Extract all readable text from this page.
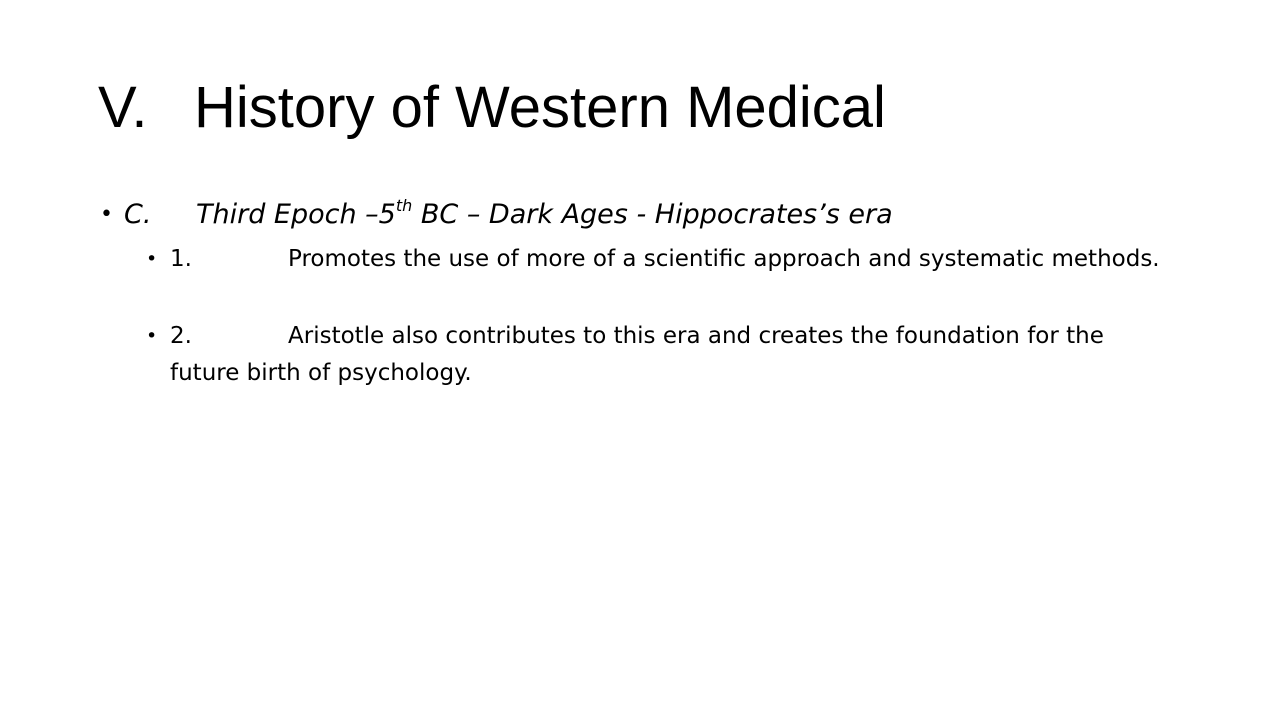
V. History of Western Medical
• C. Third Epoch –5th BC – Dark Ages - Hippocrates’s era
• 1.	Promotes the use of more of a scientific approach and systematic methods.
• 2.	Aristotle also contributes to this era and creates the foundation for the future birth of psychology.
